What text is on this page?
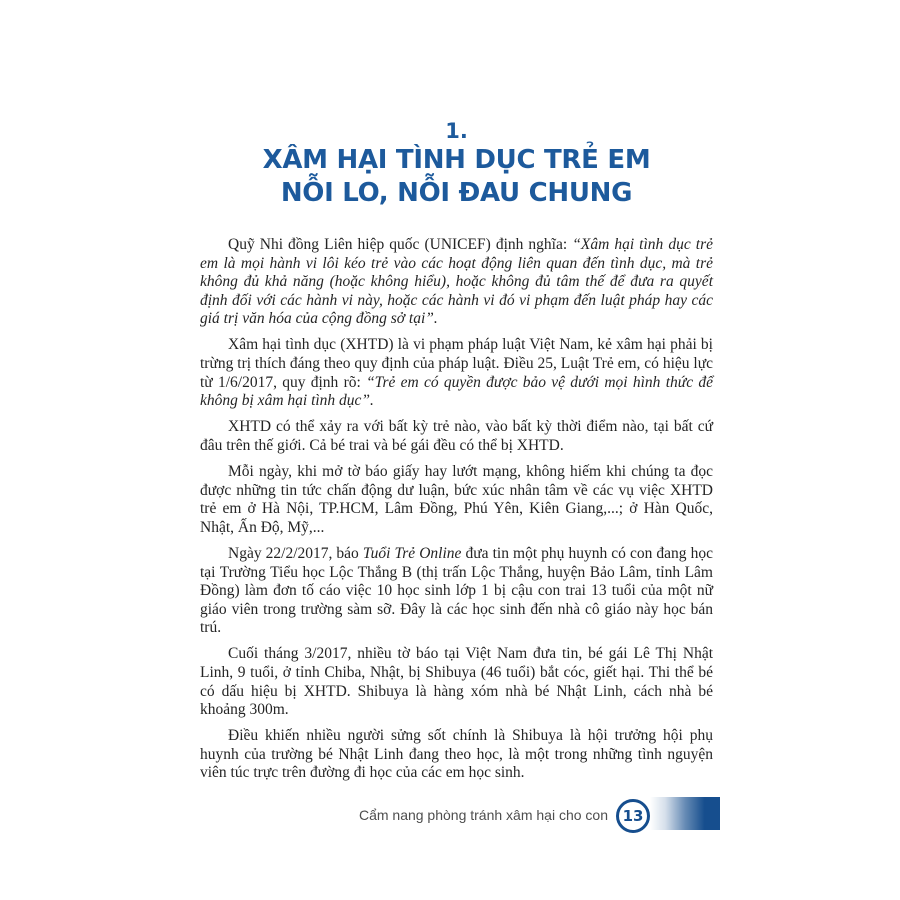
1.
XÂM HẠI TÌNH DỤC TRẺ EM
NỖI LO, NỖI ĐAU CHUNG

Quỹ Nhi đồng Liên hiệp quốc (UNICEF) định nghĩa: “Xâm hại tình dục trẻ em là mọi hành vi lôi kéo trẻ vào các hoạt động liên quan đến tình dục, mà trẻ không đủ khả năng (hoặc không hiểu), hoặc không đủ tâm thế để đưa ra quyết định đối với các hành vi này, hoặc các hành vi đó vi phạm đến luật pháp hay các giá trị văn hóa của cộng đồng sở tại”.

Xâm hại tình dục (XHTD) là vi phạm pháp luật Việt Nam, kẻ xâm hại phải bị trừng trị thích đáng theo quy định của pháp luật. Điều 25, Luật Trẻ em, có hiệu lực từ 1/6/2017, quy định rõ: “Trẻ em có quyền được bảo vệ dưới mọi hình thức để không bị xâm hại tình dục”.

XHTD có thể xảy ra với bất kỳ trẻ nào, vào bất kỳ thời điểm nào, tại bất cứ đâu trên thế giới. Cả bé trai và bé gái đều có thể bị XHTD.

Mỗi ngày, khi mở tờ báo giấy hay lướt mạng, không hiếm khi chúng ta đọc được những tin tức chấn động dư luận, bức xúc nhân tâm về các vụ việc XHTD trẻ em ở Hà Nội, TP.HCM, Lâm Đồng, Phú Yên, Kiên Giang,...; ở Hàn Quốc, Nhật, Ấn Độ, Mỹ,...

Ngày 22/2/2017, báo Tuổi Trẻ Online đưa tin một phụ huynh có con đang học tại Trường Tiểu học Lộc Thắng B (thị trấn Lộc Thắng, huyện Bảo Lâm, tỉnh Lâm Đồng) làm đơn tố cáo việc 10 học sinh lớp 1 bị cậu con trai 13 tuổi của một nữ giáo viên trong trường sàm sỡ. Đây là các học sinh đến nhà cô giáo này học bán trú.

Cuối tháng 3/2017, nhiều tờ báo tại Việt Nam đưa tin, bé gái Lê Thị Nhật Linh, 9 tuổi, ở tỉnh Chiba, Nhật, bị Shibuya (46 tuổi) bắt cóc, giết hại. Thi thể bé có dấu hiệu bị XHTD. Shibuya là hàng xóm nhà bé Nhật Linh, cách nhà bé khoảng 300m.

Điều khiến nhiều người sửng sốt chính là Shibuya là hội trưởng hội phụ huynh của trường bé Nhật Linh đang theo học, là một trong những tình nguyện viên túc trực trên đường đi học của các em học sinh.

Cẩm nang phòng tránh xâm hại cho con 13
